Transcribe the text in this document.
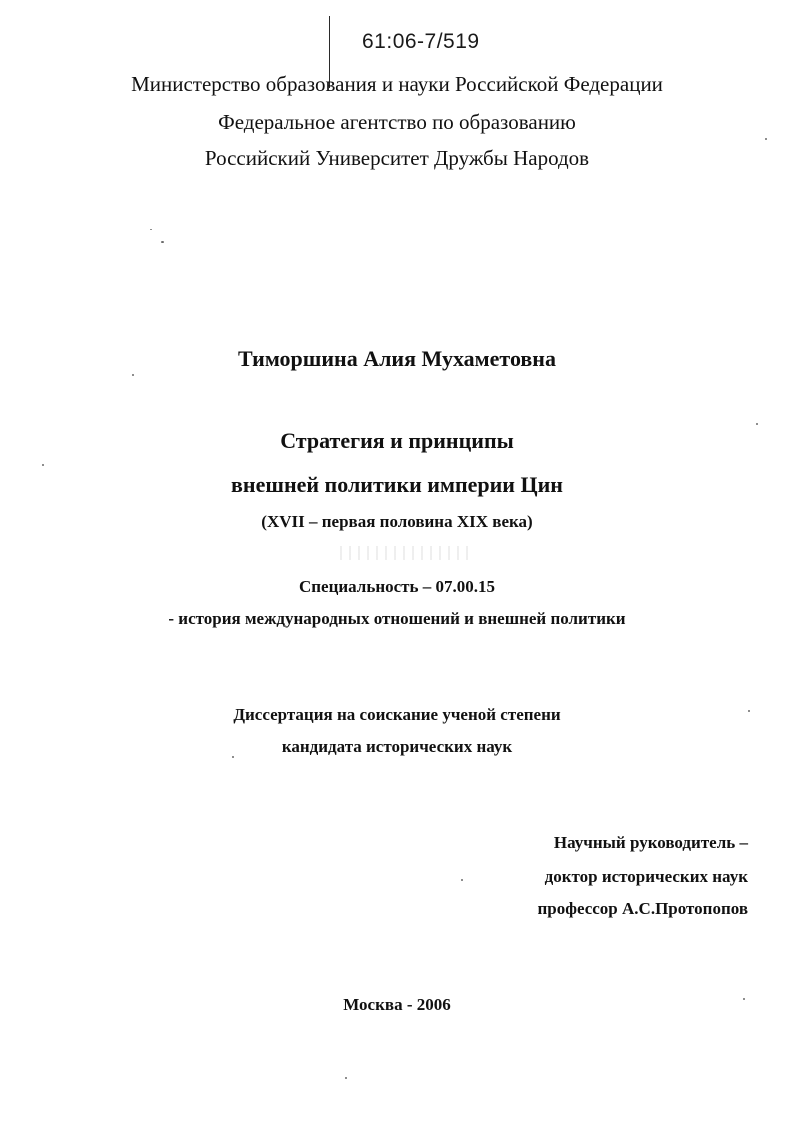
61:06-7/519
Министерство образования и науки Российской Федерации
Федеральное агентство по образованию
Российский Университет Дружбы Народов
Тиморшина Алия Мухаметовна
Стратегия и принципы
внешней политики империи Цин
(XVII – первая половина XIX века)
Специальность – 07.00.15
- история международных отношений и внешней политики
Диссертация на соискание ученой степени
кандидата исторических наук
Научный руководитель –
доктор исторических наук
профессор А.С.Протопопов
Москва - 2006
